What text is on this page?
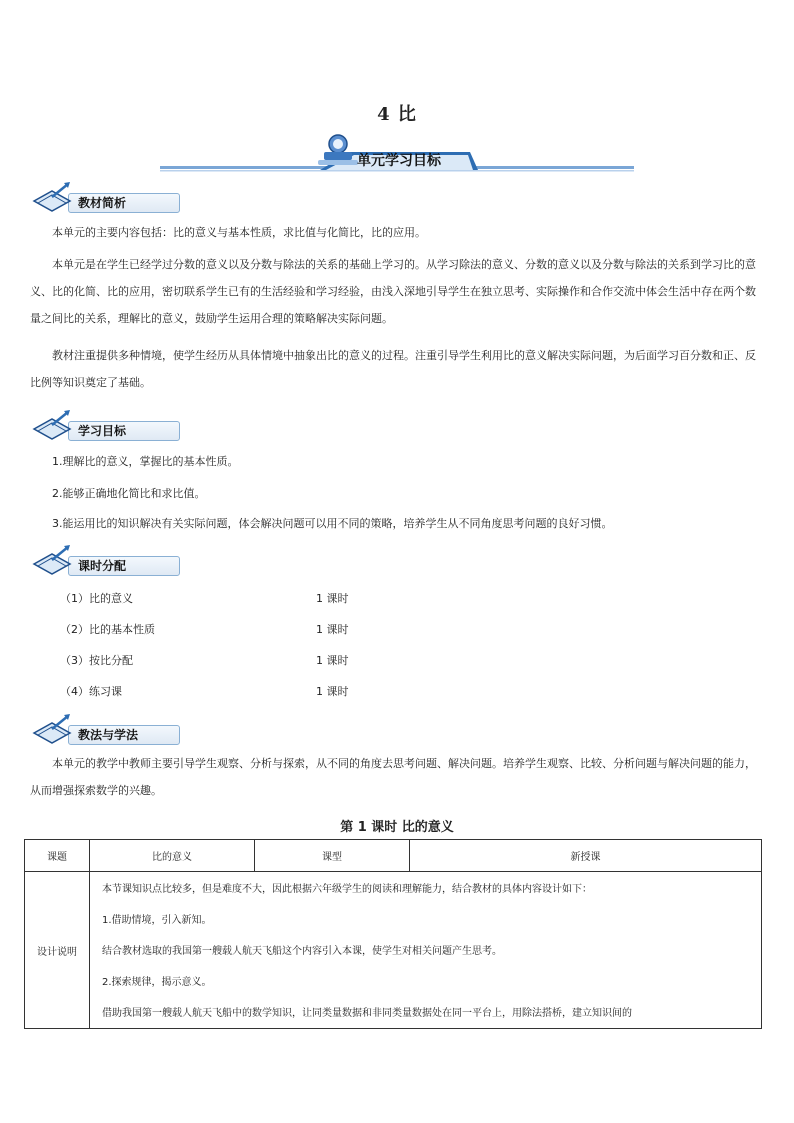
4 比
单元学习目标
教材简析
本单元的主要内容包括：比的意义与基本性质，求比值与化简比，比的应用。
本单元是在学生已经学过分数的意义以及分数与除法的关系的基础上学习的。从学习除法的意义、分数的意义以及分数与除法的关系到学习比的意义、比的化简、比的应用，密切联系学生已有的生活经验和学习经验，由浅入深地引导学生在独立思考、实际操作和合作交流中体会生活中存在两个数量之间比的关系，理解比的意义，鼓励学生运用合理的策略解决实际问题。
教材注重提供多种情境，使学生经历从具体情境中抽象出比的意义的过程。注重引导学生利用比的意义解决实际问题，为后面学习百分数和正、反比例等知识奠定了基础。
学习目标
1.理解比的意义，掌握比的基本性质。
2.能够正确地化简比和求比值。
3.能运用比的知识解决有关实际问题，体会解决问题可以用不同的策略，培养学生从不同角度思考问题的良好习惯。
课时分配
（1）比的意义	1 课时
（2）比的基本性质	1 课时
（3）按比分配	1 课时
（4）练习课	1 课时
教法与学法
本单元的教学中教师主要引导学生观察、分析与探索，从不同的角度去思考问题、解决问题。培养学生观察、比较、分析问题与解决问题的能力，从而增强探索数学的兴趣。
第 1 课时 比的意义
课题	比的意义	课型	新授课
设计说明	本节课知识点比较多，但是难度不大，因此根据六年级学生的阅读和理解能力，结合教材的具体内容设计如下：
1.借助情境，引入新知。
结合教材选取的我国第一艘载人航天飞船这个内容引入本课，使学生对相关问题产生思考。
2.探索规律，揭示意义。
借助我国第一艘载人航天飞船中的数学知识，让同类量数据和非同类量数据处在同一平台上，用除法搭桥，建立知识间的		
